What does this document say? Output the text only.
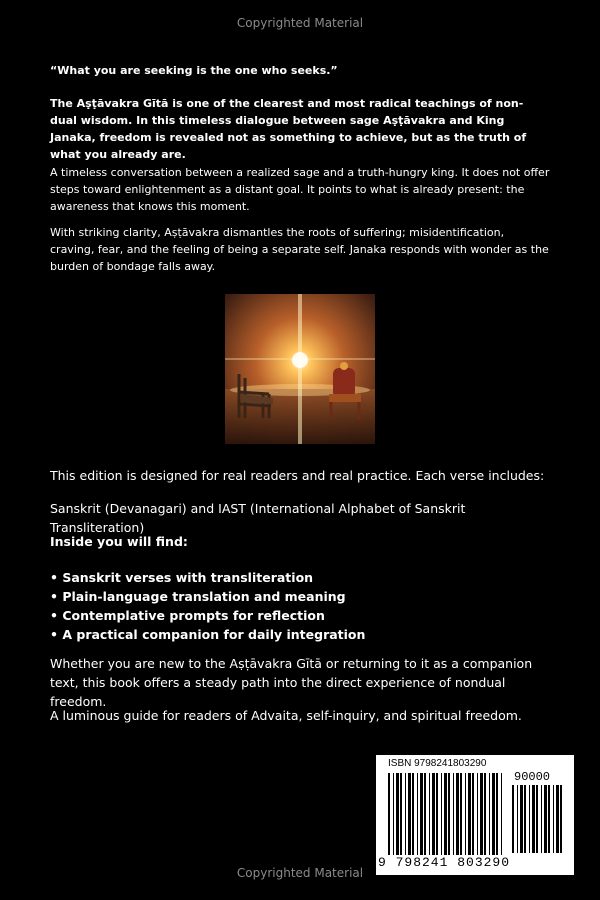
Copyrighted Material
“What you are seeking is the one who seeks.”
The Aṣṭāvakra Gītā is one of the clearest and most radical teachings of non-dual wisdom. In this timeless dialogue between sage Aṣṭāvakra and King Janaka, freedom is revealed not as something to achieve, but as the truth of what you already are.
A timeless conversation between a realized sage and a truth-hungry king. It does not offer steps toward enlightenment as a distant goal. It points to what is already present: the awareness that knows this moment.
With striking clarity, Aṣṭāvakra dismantles the roots of suffering; misidentification, craving, fear, and the feeling of being a separate self. Janaka responds with wonder as the burden of bondage falls away.
This edition is designed for real readers and real practice. Each verse includes:
Sanskrit (Devanagari) and IAST (International Alphabet of Sanskrit Transliteration)
Inside you will find:
• Sanskrit verses with transliteration
• Plain-language translation and meaning
• Contemplative prompts for reflection
• A practical companion for daily integration
Whether you are new to the Aṣṭāvakra Gītā or returning to it as a companion text, this book offers a steady path into the direct experience of nondual freedom.
A luminous guide for readers of Advaita, self-inquiry, and spiritual freedom.
ISBN 9798241803290
90000
9 798241 803290
Copyrighted Material
